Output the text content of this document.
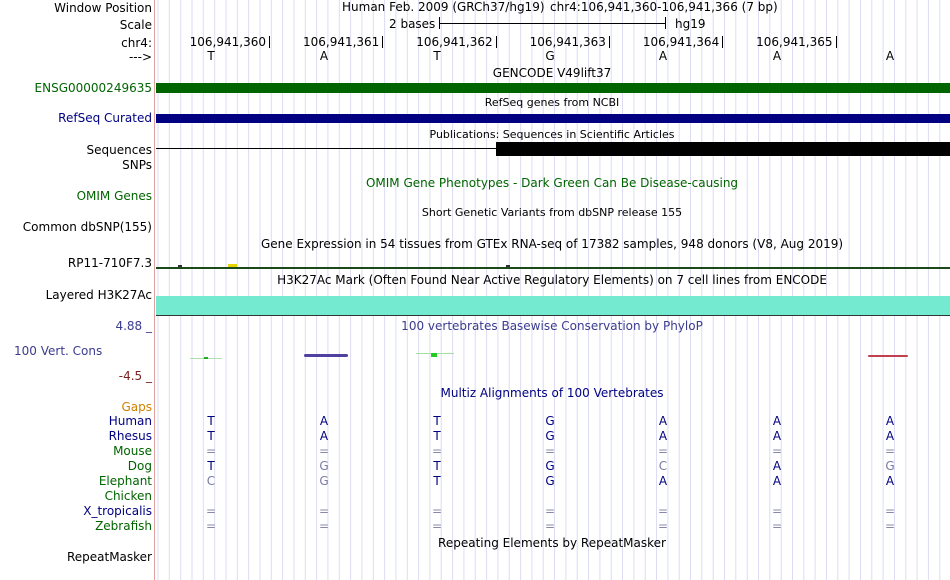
Window Position	Human Feb. 2009 (GRCh37/hg19) chr4:106,941,360-106,941,366 (7 bp)
Scale	2 bases	hg19
chr4:	106,941,360	106,941,361	106,941,362	106,941,363	106,941,364	106,941,365
--->	T	A	T	G	A	A	A
GENCODE V49lift37
ENSG00000249635
RefSeq genes from NCBI
RefSeq Curated
Publications: Sequences in Scientific Articles
Sequences
SNPs
OMIM Gene Phenotypes - Dark Green Can Be Disease-causing
OMIM Genes
Short Genetic Variants from dbSNP release 155
Common dbSNP(155)
Gene Expression in 54 tissues from GTEx RNA-seq of 17382 samples, 948 donors (V8, Aug 2019)
RP11-710F7.3
H3K27Ac Mark (Often Found Near Active Regulatory Elements) on 7 cell lines from ENCODE
Layered H3K27Ac
100 vertebrates Basewise Conservation by PhyloP
4.88 _
100 Vert. Cons
-4.5 _
Multiz Alignments of 100 Vertebrates
Gaps
Human	T	A	T	G	A	A	A
Rhesus	T	A	T	G	A	A	A
Mouse	=	=	=	=	=	=	=
Dog	T	G	T	G	C	A	G
Elephant	C	G	T	G	A	A	A
Chicken
X_tropicalis	=	=	=	=	=	=	=
Zebrafish	=	=	=	=	=	=	=
Repeating Elements by RepeatMasker
RepeatMasker
